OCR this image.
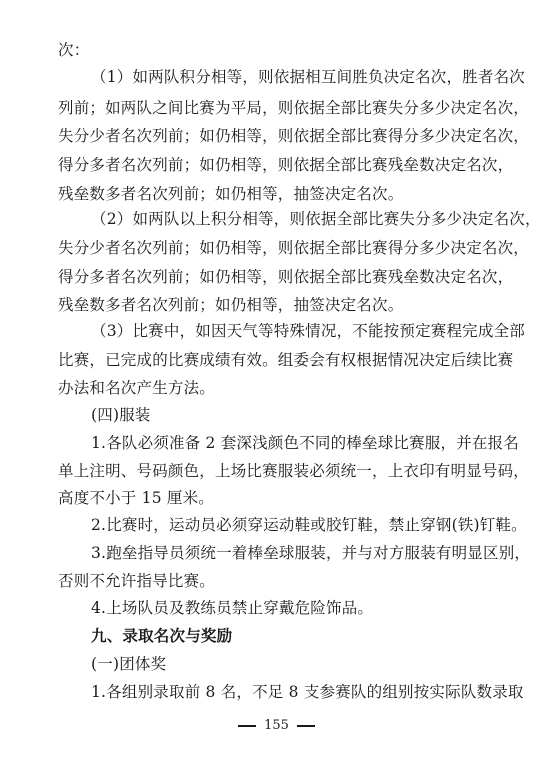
次：
（1）如两队积分相等，则依据相互间胜负决定名次，胜者名次
列前；如两队之间比赛为平局，则依据全部比赛失分多少决定名次，
失分少者名次列前；如仍相等，则依据全部比赛得分多少决定名次，
得分多者名次列前；如仍相等，则依据全部比赛残垒数决定名次，
残垒数多者名次列前；如仍相等，抽签决定名次。
（2）如两队以上积分相等，则依据全部比赛失分多少决定名次，
失分少者名次列前；如仍相等，则依据全部比赛得分多少决定名次，
得分多者名次列前；如仍相等，则依据全部比赛残垒数决定名次，
残垒数多者名次列前；如仍相等，抽签决定名次。
（3）比赛中，如因天气等特殊情况，不能按预定赛程完成全部
比赛，已完成的比赛成绩有效。组委会有权根据情况决定后续比赛
办法和名次产生方法。
(四)服装
1.各队必须准备 2 套深浅颜色不同的棒垒球比赛服，并在报名
单上注明、号码颜色，上场比赛服装必须统一，上衣印有明显号码，
高度不小于 15 厘米。
2.比赛时，运动员必须穿运动鞋或胶钉鞋，禁止穿钢(铁)钉鞋。
3.跑垒指导员须统一着棒垒球服装，并与对方服装有明显区别，
否则不允许指导比赛。
4.上场队员及教练员禁止穿戴危险饰品。
九、录取名次与奖励
(一)团体奖
1.各组别录取前 8 名，不足 8 支参赛队的组别按实际队数录取
155
